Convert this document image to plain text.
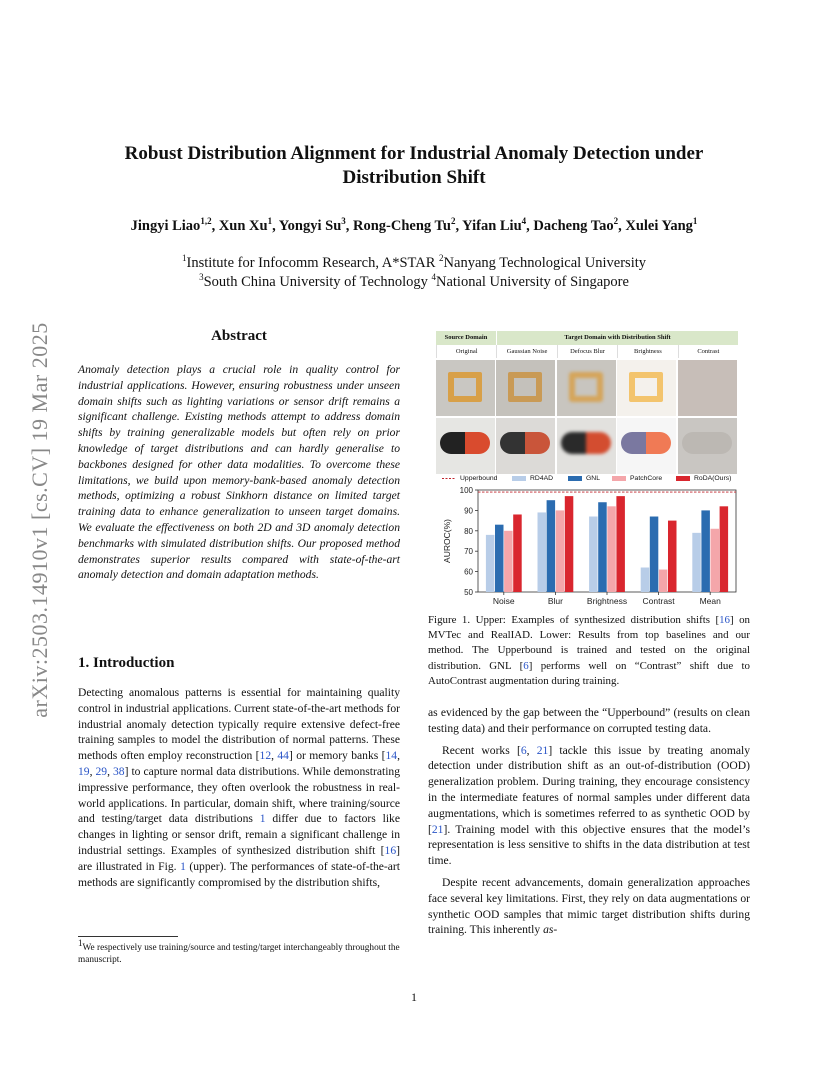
arXiv:2503.14910v1 [cs.CV] 19 Mar 2025
Robust Distribution Alignment for Industrial Anomaly Detection under
Distribution Shift
Jingyi Liao$^{1,2}$, Xun Xu$^1$, Yongyi Su$^3$, Rong-Cheng Tu$^2$, Yifan Liu$^4$, Dacheng Tao$^2$, Xulei Yang$^1$
$^1$Institute for Infocomm Research, A*STAR $^2$Nanyang Technological University
$^3$South China University of Technology $^4$National University of Singapore
Abstract
Anomaly detection plays a crucial role in quality control for industrial applications. However, ensuring robustness under unseen domain shifts such as lighting variations or sensor drift remains a significant challenge. Existing methods attempt to address domain shifts by training generalizable models but often rely on prior knowledge of target distributions and can hardly generalise to backbones designed for other data modalities. To overcome these limitations, we build upon memory-bank-based anomaly detection methods, optimizing a robust Sinkhorn distance on limited target training data to enhance generalization to unseen target domains. We evaluate the effectiveness on both 2D and 3D anomaly detection benchmarks with simulated distribution shifts. Our proposed method demonstrates superior results compared with state-of-the-art anomaly detection and domain adaptation methods.
1. Introduction

Detecting anomalous patterns is essential for maintaining quality control in industrial applications. Current state-of-the-art methods for industrial anomaly detection typically require extensive defect-free training samples to model the distribution of normal patterns. These methods often employ reconstruction [12, 44] or memory banks [14, 19, 29, 38] to capture normal data distributions. While demonstrating impressive performance, they often overlook the robustness in real-world applications. In particular, domain shift, where training/source and testing/target data distributions 1 differ due to factors like changes in lighting or sensor drift, remain a significant challenge in industrial settings. Examples of synthesized distribution shift [16] are illustrated in Fig. 1 (upper). The performances of state-of-the-art methods are significantly compromised by the distribution shifts,

$^1$We respectively use training/source and testing/target interchangeably throughout the manuscript.
Source Domain	Target Domain with Distribution Shift
Original	Gaussian Noise	Defocus Blur	Brightness	Contrast
Upperbound	RD4AD	GNL	PatchCore	RoDA(Ours)
50
60
70
80
90
100
AUROC(%)
Noise	Blur	Brightness Contrast	Mean
Figure 1. Upper: Examples of synthesized distribution shifts [16] on MVTec and RealIAD. Lower: Results from top baselines and our method. The Upperbound is trained and tested on the original distribution. GNL [6] performs well on “Contrast” shift due to AutoContrast augmentation during training.

as evidenced by the gap between the “Upperbound” (results on clean testing data) and their performance on corrupted testing data.

Recent works [6, 21] tackle this issue by treating anomaly detection under distribution shift as an out-of-distribution (OOD) generalization problem. During training, they encourage consistency in the intermediate features of normal samples under different data augmentations, which is sometimes referred to as synthetic OOD by [21]. Training model with this objective ensures that the model’s representation is less sensitive to shifts in the data distribution at test time.

Despite recent advancements, domain generalization approaches face several key limitations. First, they rely on data augmentations or synthetic OOD samples that mimic target distribution shifts during training. This inherently as-

1
